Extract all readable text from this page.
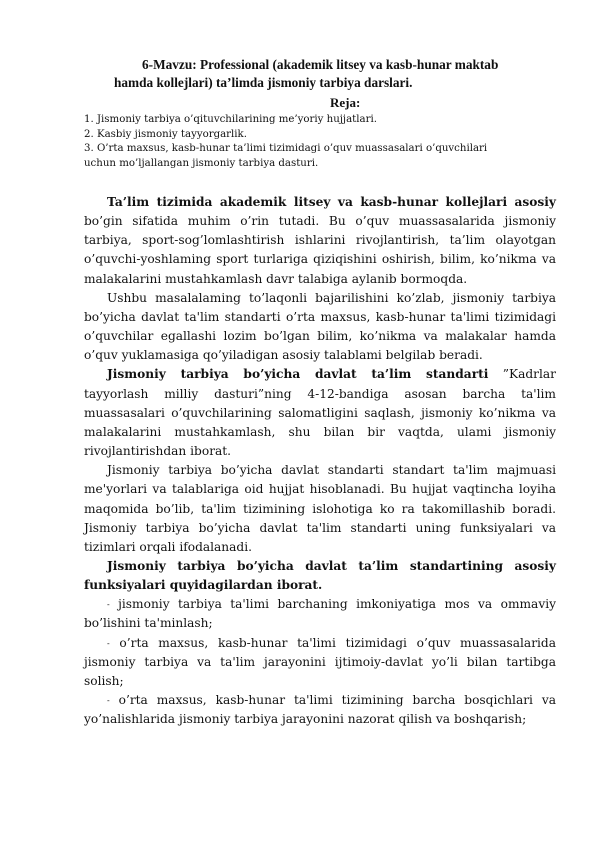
6-Mavzu: Professional (akademik litsey va kasb-hunar maktab
hamda kollejlari) ta’limda jismoniy tarbiya darslari.
Reja:
1. Jismoniy tarbiya o’qituvchilarining me’yoriy hujjatlari.
2. Kasbiy jismoniy tayyorgarlik.
3. O’rta maxsus, kasb-hunar ta’limi tizimidagi o’quv muassasalari o’quvchilari
uchun mo’ljallangan jismoniy tarbiya dasturi.

Ta’lim tizimida akademik litsey va kasb-hunar kollejlari asosiy bo’gin sifatida muhim o’rin tutadi. Bu o’quv muassasalarida jismoniy tarbiya, sport-sog’lomlashtirish ishlarini rivojlantirish, ta’lim olayotgan o’quvchi-yoshlaming sport turlariga qiziqishini oshirish, bilim, ko’nikma va malakalarini mustahkamlash davr talabiga aylanib bormoqda.

Ushbu masalalaming to’laqonli bajarilishini ko’zlab, jismoniy tarbiya bo’yicha davlat ta'lim standarti o’rta maxsus, kasb-hunar ta'limi tizimidagi o’quvchilar egallashi lozim bo’lgan bilim, ko’nikma va malakalar hamda o’quv yuklamasiga qo’yiladigan asosiy talablami belgilab beradi.

Jismoniy tarbiya bo’yicha davlat ta’lim standarti ”Kadrlar tayyorlash milliy dasturi”ning 4-12-bandiga asosan barcha ta'lim muassasalari o’quvchilarining salomatligini saqlash, jismoniy ko’nikma va malakalarini mustahkamlash, shu bilan bir vaqtda, ulami jismoniy rivojlantirishdan iborat.

Jismoniy tarbiya bo’yicha davlat standarti standart ta'lim majmuasi me'yorlari va talablariga oid hujjat hisoblanadi. Bu hujjat vaqtincha loyiha maqomida bo’lib, ta'lim tizimining islohotiga ko ra takomillashib boradi. Jismoniy tarbiya bo’yicha davlat ta'lim standarti uning funksiyalari va tizimlari orqali ifodalanadi.

Jismoniy tarbiya bo’yicha davlat ta’lim standartining asosiy funksiyalari quyidagilardan iborat.

- jismoniy tarbiya ta'limi barchaning imkoniyatiga mos va ommaviy bo’lishini ta'minlash;

- o’rta maxsus, kasb-hunar ta'limi tizimidagi o’quv muassasalarida jismoniy tarbiya va ta'lim jarayonini ijtimoiy-davlat yo’li bilan tartibga solish;

- o’rta maxsus, kasb-hunar ta'limi tizimining barcha bosqichlari va yo’nalishlarida jismoniy tarbiya jarayonini nazorat qilish va boshqarish;
